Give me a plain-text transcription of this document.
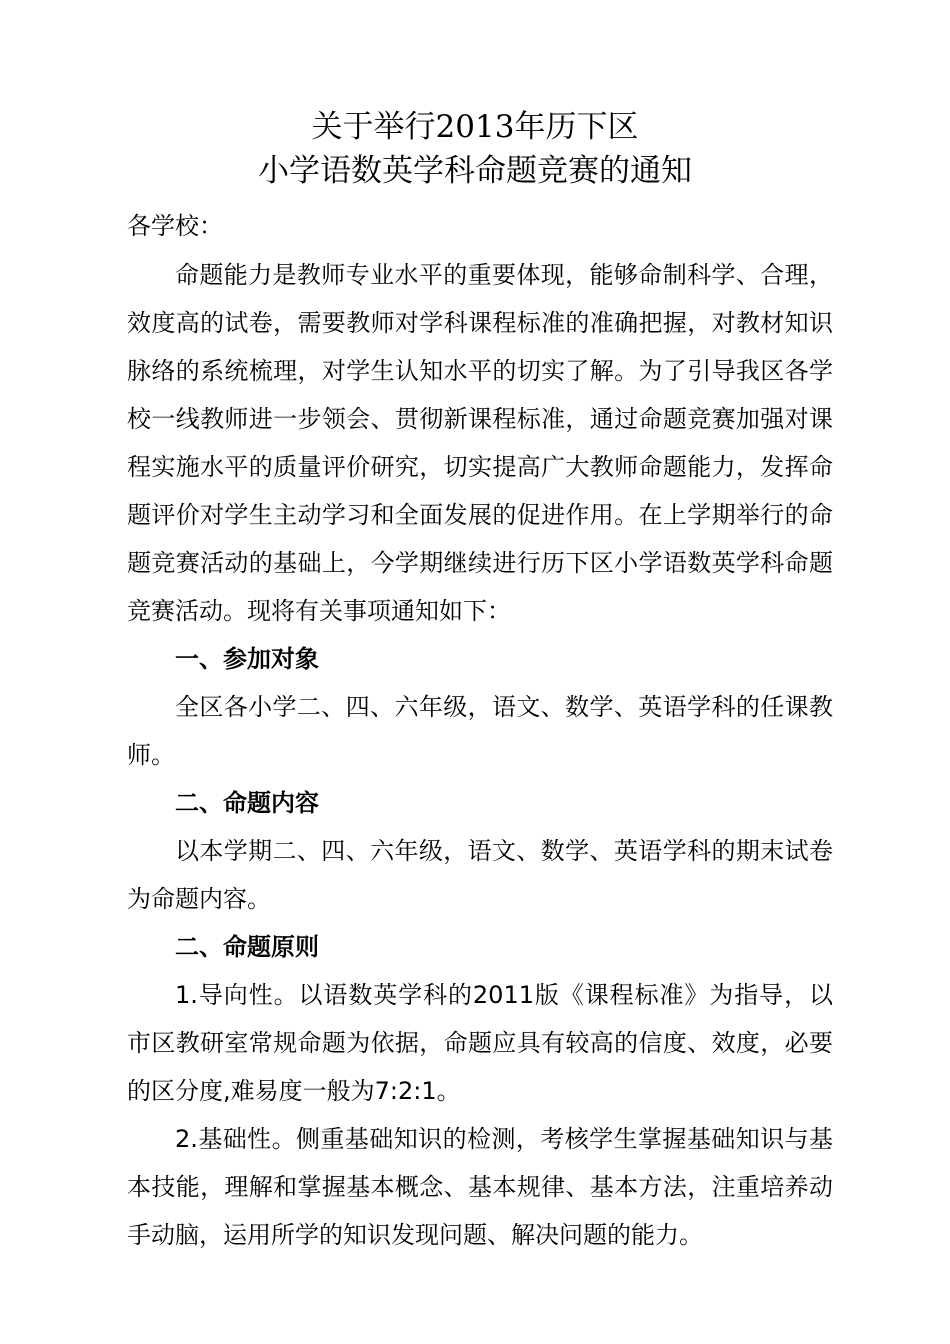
关于举行2013年历下区
小学语数英学科命题竞赛的通知

各学校：

命题能力是教师专业水平的重要体现，能够命制科学、合理，效度高的试卷，需要教师对学科课程标准的准确把握，对教材知识脉络的系统梳理，对学生认知水平的切实了解。为了引导我区各学校一线教师进一步领会、贯彻新课程标准，通过命题竞赛加强对课程实施水平的质量评价研究，切实提高广大教师命题能力，发挥命题评价对学生主动学习和全面发展的促进作用。在上学期举行的命题竞赛活动的基础上，今学期继续进行历下区小学语数英学科命题竞赛活动。现将有关事项通知如下：

一、参加对象

全区各小学二、四、六年级，语文、数学、英语学科的任课教师。

二、命题内容

以本学期二、四、六年级，语文、数学、英语学科的期末试卷为命题内容。

二、命题原则

1.导向性。以语数英学科的2011版《课程标准》为指导，以市区教研室常规命题为依据，命题应具有较高的信度、效度，必要的区分度,难易度一般为7:2:1。

2.基础性。侧重基础知识的检测，考核学生掌握基础知识与基本技能，理解和掌握基本概念、基本规律、基本方法，注重培养动手动脑，运用所学的知识发现问题、解决问题的能力。
